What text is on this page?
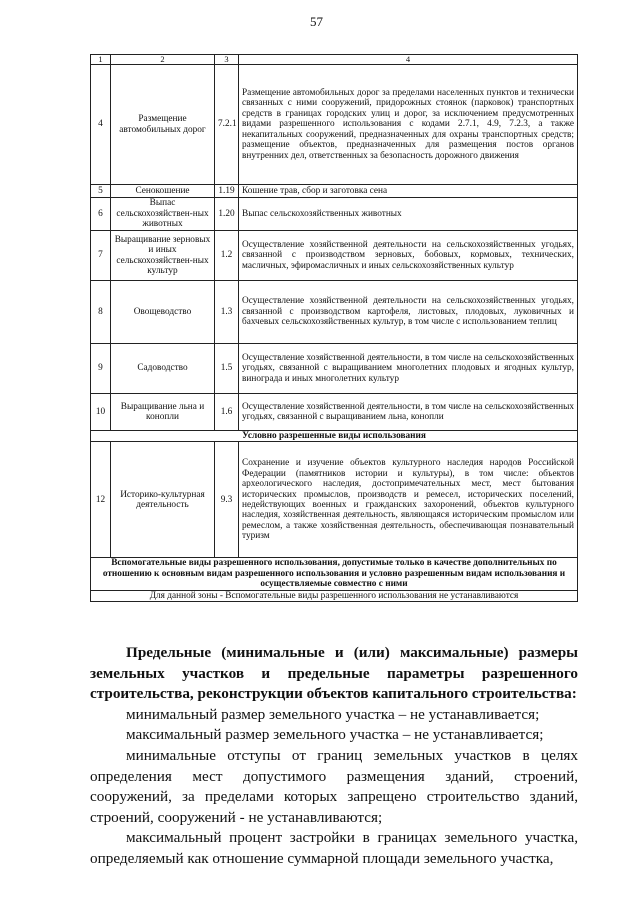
57
1	2	3	4
4	Размещение автомобильных дорог	7.2.1	Размещение автомобильных дорог за пределами населенных пунктов и технически связанных с ними сооружений, придорожных стоянок (парковок) транспортных средств в границах городских улиц и дорог, за исключением предусмотренных видами разрешенного использования с кодами 2.7.1, 4.9, 7.2.3, а также некапитальных сооружений, предназначенных для охраны транспортных средств; размещение объектов, предназначенных для размещения постов органов внутренних дел, ответственных за безопасность дорожного движения
5	Сенокошение	1.19	Кошение трав, сбор и заготовка сена
6	Выпас сельскохозяйствен-ных животных	1.20	Выпас сельскохозяйственных животных
7	Выращивание зерновых и иных сельскохозяйствен-ных культур	1.2	Осуществление хозяйственной деятельности на сельскохозяйственных угодьях, связанной с производством зерновых, бобовых, кормовых, технических, масличных, эфиромасличных и иных сельскохозяйственных культур
8	Овощеводство	1.3	Осуществление хозяйственной деятельности на сельскохозяйственных угодьях, связанной с производством картофеля, листовых, плодовых, луковичных и бахчевых сельскохозяйственных культур, в том числе с использованием теплиц
9	Садоводство	1.5	Осуществление хозяйственной деятельности, в том числе на сельскохозяйственных угодьях, связанной с выращиванием многолетних плодовых и ягодных культур, винограда и иных многолетних культур
10	Выращивание льна и конопли	1.6	Осуществление хозяйственной деятельности, в том числе на сельскохозяйственных угодьях, связанной с выращиванием льна, конопли
Условно разрешенные виды использования			
12	Историко-культурная деятельность	9.3	Сохранение и изучение объектов культурного наследия народов Российской Федерации (памятников истории и культуры), в том числе: объектов археологического наследия, достопримечательных мест, мест бытования исторических промыслов, производств и ремесел, исторических поселений, недействующих военных и гражданских захоронений, объектов культурного наследия, хозяйственная деятельность, являющаяся историческим промыслом или ремеслом, а также хозяйственная деятельность, обеспечивающая познавательный туризм
Вспомогательные виды разрешенного использования, допустимые только в качестве дополнительных по отношению к основным видам разрешенного использования и условно разрешенным видам использования и осуществляемые совместно с ними			
Для данной зоны - Вспомогательные виды разрешенного использования не устанавливаются			

Предельные (минимальные и (или) максимальные) размеры

земельных участков и предельные параметры разрешенного

строительства, реконструкции объектов капитального строительства:

минимальный размер земельного участка – не устанавливается;

максимальный размер земельного участка – не устанавливается;

минимальные отступы от границ земельных участков в целях определения мест допустимого размещения зданий, строений, сооружений, за пределами которых запрещено строительство зданий, строений, сооружений - не устанавливаются;

максимальный процент застройки в границах земельного участка, определяемый как отношение суммарной площади земельного участка,
